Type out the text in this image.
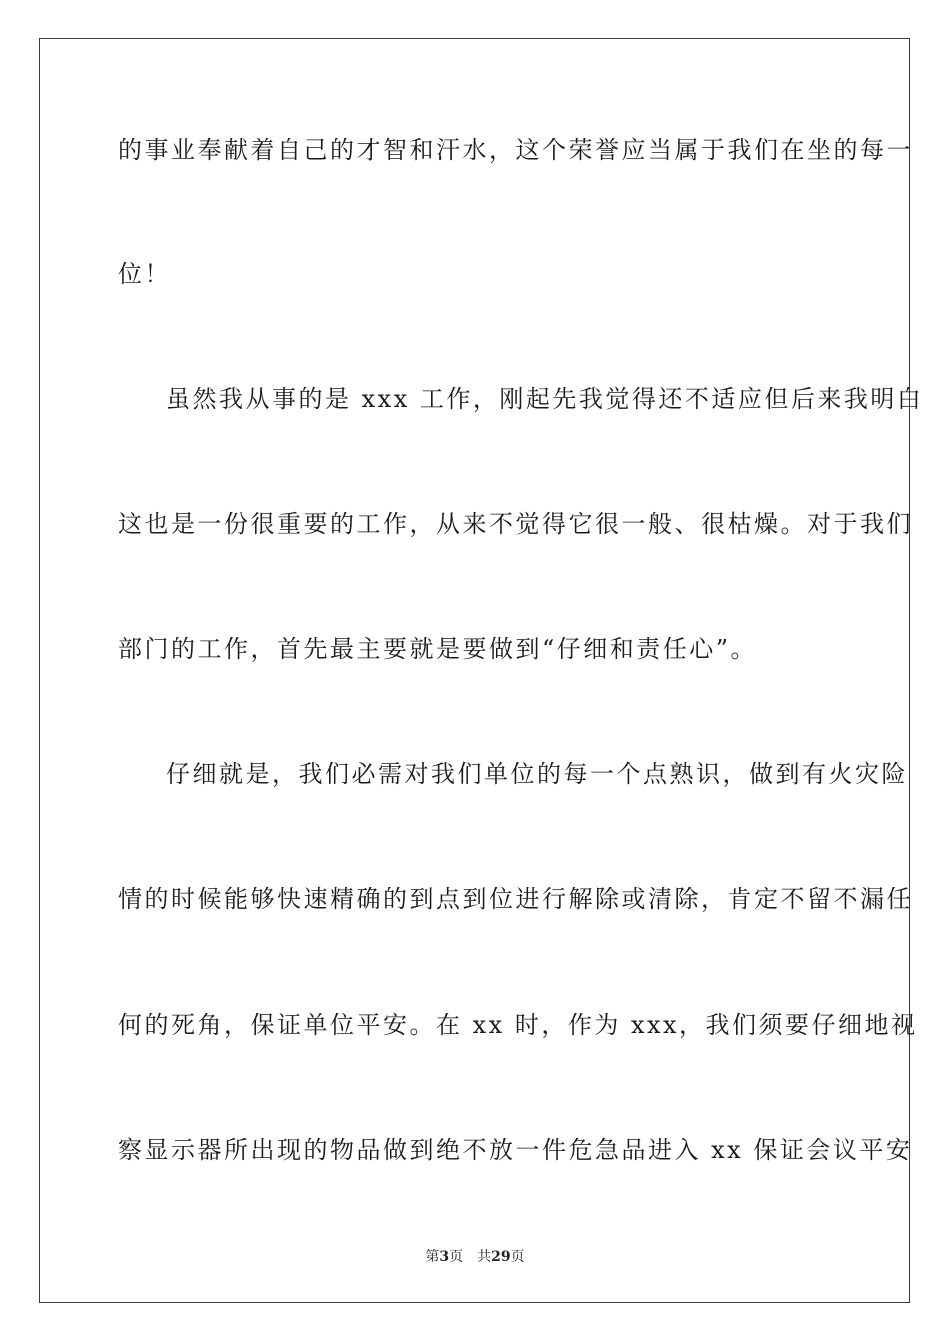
的事业奉献着自己的才智和汗水，这个荣誉应当属于我们在坐的每一
位！
虽然我从事的是 xxx 工作，刚起先我觉得还不适应但后来我明白
这也是一份很重要的工作，从来不觉得它很一般、很枯燥。对于我们
部门的工作，首先最主要就是要做到“仔细和责任心”。
仔细就是，我们必需对我们单位的每一个点熟识，做到有火灾险
情的时候能够快速精确的到点到位进行解除或清除，肯定不留不漏任
何的死角，保证单位平安。在 xx 时，作为 xxx，我们须要仔细地视
察显示器所出现的物品做到绝不放一件危急品进入 xx 保证会议平安
第3页 共29页
